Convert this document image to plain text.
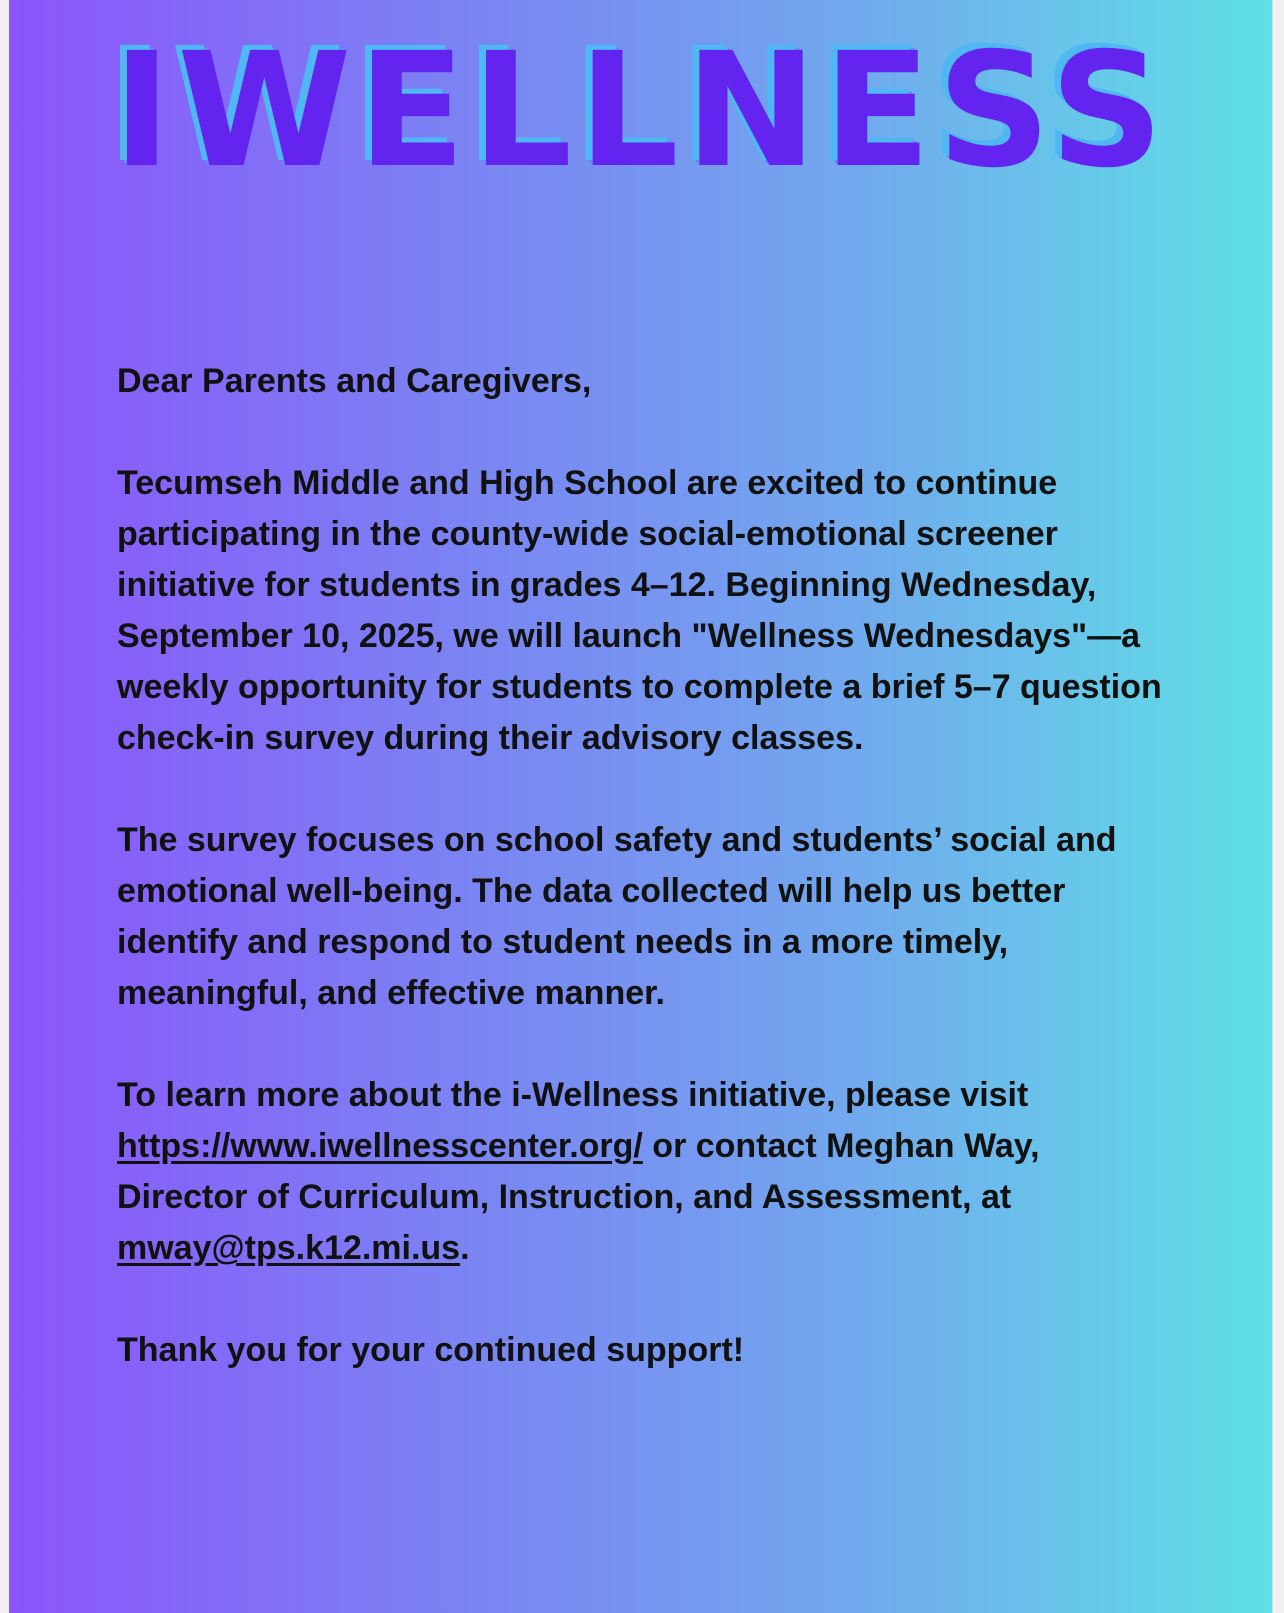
IWELLNESS

Dear Parents and Caregivers,

Tecumseh Middle and High School are excited to continue participating in the county-wide social-emotional screener initiative for students in grades 4–12. Beginning Wednesday, September 10, 2025, we will launch "Wellness Wednesdays"—a weekly opportunity for students to complete a brief 5–7 question check-in survey during their advisory classes.

The survey focuses on school safety and students’ social and emotional well-being. The data collected will help us better identify and respond to student needs in a more timely, meaningful, and effective manner.

To learn more about the i-Wellness initiative, please visit https://www.iwellnesscenter.org/ or contact Meghan Way, Director of Curriculum, Instruction, and Assessment, at mway@tps.k12.mi.us.

Thank you for your continued support!
